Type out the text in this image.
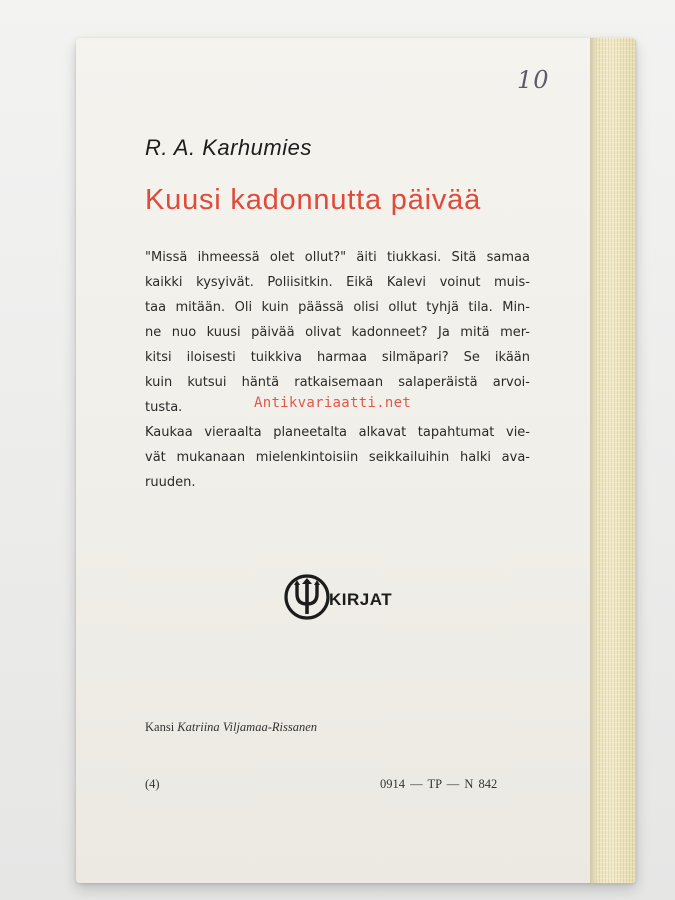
10
R. A. Karhumies
Kuusi kadonnutta päivää
"Missä ihmeessä olet ollut?" äiti tiukkasi. Sitä samaa
kaikki kysyivät. Poliisitkin. Eikä Kalevi voinut muis-
taa mitään. Oli kuin päässä olisi ollut tyhjä tila. Min-
ne nuo kuusi päivää olivat kadonneet? Ja mitä mer-
kitsi iloisesti tuikkiva harmaa silmäpari? Se ikään
kuin kutsui häntä ratkaisemaan salaperäistä arvoi-
tusta.
Kaukaa vieraalta planeetalta alkavat tapahtumat vie-
vät mukanaan mielenkintoisiin seikkailuihin halki ava-
ruuden.
Antikvariaatti.net
KIRJAT
Kansi Katriina Viljamaa-Rissanen
(4)	0914 — TP — N 842
